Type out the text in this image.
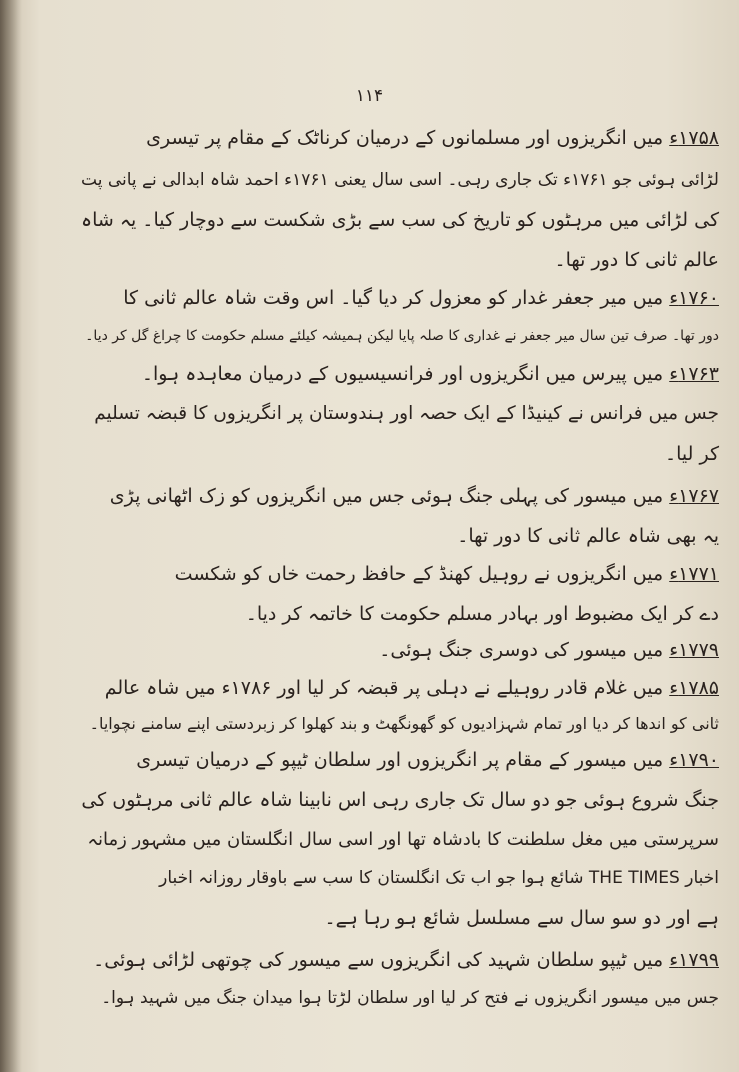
۱۱۴
۱۷۵۸ء میں انگریزوں اور مسلمانوں کے درمیان کرناٹک کے مقام پر تیسری
لڑائی ہوئی جو ۱۷۶۱ء تک جاری رہی۔ اسی سال یعنی ۱۷۶۱ء احمد شاہ ابدالی نے پانی پت
کی لڑائی میں مرہٹوں کو تاریخ کی سب سے بڑی شکست سے دوچار کیا۔ یہ شاہ
عالم ثانی کا دور تھا۔
۱۷۶۰ء میں میر جعفر غدار کو معزول کر دیا گیا۔ اس وقت شاہ عالم ثانی کا
دور تھا۔ صرف تین سال میر جعفر نے غداری کا صلہ پایا لیکن ہمیشہ کیلئے مسلم حکومت کا چراغ گل کر دیا۔
۱۷۶۳ء میں پیرس میں انگریزوں اور فرانسیسیوں کے درمیان معاہدہ ہوا۔
جس میں فرانس نے کینیڈا کے ایک حصہ اور ہندوستان پر انگریزوں کا قبضہ تسلیم
کر لیا۔
۱۷۶۷ء میں میسور کی پہلی جنگ ہوئی جس میں انگریزوں کو زک اٹھانی پڑی
یہ بھی شاہ عالم ثانی کا دور تھا۔
۱۷۷۱ء میں انگریزوں نے روہیل کھنڈ کے حافظ رحمت خاں کو شکست
دے کر ایک مضبوط اور بہادر مسلم حکومت کا خاتمہ کر دیا۔
۱۷۷۹ء میں میسور کی دوسری جنگ ہوئی۔
۱۷۸۵ء میں غلام قادر روہیلے نے دہلی پر قبضہ کر لیا اور ۱۷۸۶ء میں شاہ عالم
ثانی کو اندھا کر دیا اور تمام شہزادیوں کو گھونگھٹ و بند کھلوا کر زبردستی اپنے سامنے نچوایا۔
۱۷۹۰ء میں میسور کے مقام پر انگریزوں اور سلطان ٹیپو کے درمیان تیسری
جنگ شروع ہوئی جو دو سال تک جاری رہی اس نابینا شاہ عالم ثانی مرہٹوں کی
سرپرستی میں مغل سلطنت کا بادشاہ تھا اور اسی سال انگلستان میں مشہور زمانہ
اخبار THE TIMES شائع ہوا جو اب تک انگلستان کا سب سے باوقار روزانہ اخبار
ہے اور دو سو سال سے مسلسل شائع ہو رہا ہے۔
۱۷۹۹ء میں ٹیپو سلطان شہید کی انگریزوں سے میسور کی چوتھی لڑائی ہوئی۔
جس میں میسور انگریزوں نے فتح کر لیا اور سلطان لڑتا ہوا میدان جنگ میں شہید ہوا۔
